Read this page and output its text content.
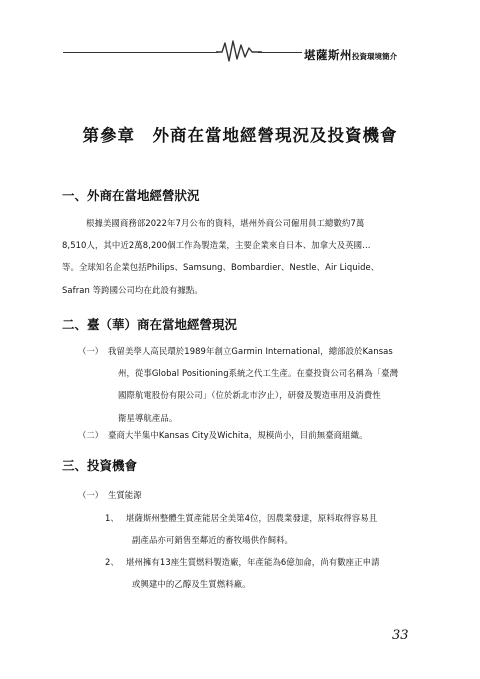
堪薩斯州投資環境簡介
第參章　外商在當地經營現況及投資機會
一、外商在當地經營狀況
根據美國商務部2022年7月公布的資料，堪州外商公司僱用員工總數約7萬
8,510人，其中近2萬8,200個工作為製造業，主要企業來自日本、加拿大及英國…
等。全球知名企業包括Philips、Samsung、Bombardier、Nestle、Air Liquide、
Safran 等跨國公司均在此設有據點。
二、臺（華）商在當地經營現況
（一） 我留美學人高民環於1989年創立Garmin International，總部設於Kansas
州，從事Global Positioning系統之代工生產。在臺投資公司名稱為「臺灣
國際航電股份有限公司」（位於新北市汐止），研發及製造車用及消費性
衛星導航產品。
（二） 臺商大半集中Kansas City及Wichita，規模尚小，目前無臺商組織。
三、投資機會
（一） 生質能源
1、 堪薩斯州整體生質產能居全美第4位，因農業發達，原料取得容易且
副產品亦可銷售至鄰近的畜牧場供作飼料。
2、 堪州擁有13座生質燃料製造廠，年產能為6億加侖，尚有數座正申請
或興建中的乙醇及生質燃料廠。
33
